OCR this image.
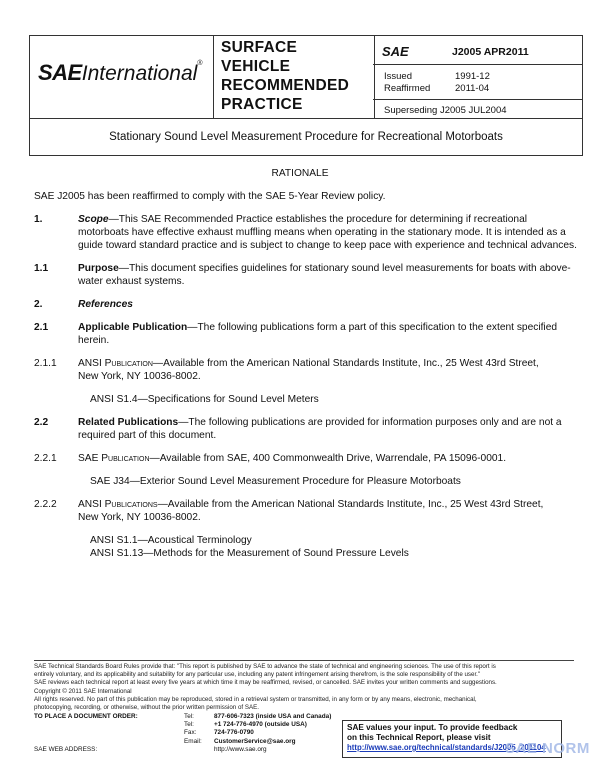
SAEInternational®
SURFACE
VEHICLE
RECOMMENDED
PRACTICE
SAE	J2005 APR2011
Issued	1991-12
Reaffirmed	2011-04
Superseding J2005 JUL2004
Stationary Sound Level Measurement Procedure for Recreational Motorboats
RATIONALE
SAE J2005 has been reaffirmed to comply with the SAE 5-Year Review policy.
1.	Scope—This SAE Recommended Practice establishes the procedure for determining if recreational
motorboats have effective exhaust muffling means when operating in the stationary mode. It is intended as a
guide toward standard practice and is subject to change to keep pace with experience and technical advances.
1.1	Purpose—This document specifies guidelines for stationary sound level measurements for boats with above-
water exhaust systems.
2.	References
2.1	Applicable Publication—The following publications form a part of this specification to the extent specified
herein.
2.1.1 ANSI Publication—Available from the American National Standards Institute, Inc., 25 West 43rd Street,
New York, NY 10036-8002.
ANSI S1.4—Specifications for Sound Level Meters
2.2	Related Publications—The following publications are provided for information purposes only and are not a
required part of this document.
2.2.1 SAE Publication—Available from SAE, 400 Commonwealth Drive, Warrendale, PA 15096-0001.
SAE J34—Exterior Sound Level Measurement Procedure for Pleasure Motorboats
2.2.2 ANSI Publications—Available from the American National Standards Institute, Inc., 25 West 43rd Street,
New York, NY 10036-8002.
ANSI S1.1—Acoustical Terminology
ANSI S1.13—Methods for the Measurement of Sound Pressure Levels
SAE Technical Standards Board Rules provide that: "This report is published by SAE to advance the state of technical and engineering sciences. The use of this report is
entirely voluntary, and its applicability and suitability for any particular use, including any patent infringement arising therefrom, is the sole responsibility of the user."
SAE reviews each technical report at least every five years at which time it may be reaffirmed, revised, or cancelled. SAE invites your written comments and suggestions.
Copyright © 2011 SAE International
All rights reserved. No part of this publication may be reproduced, stored in a retrieval system or transmitted, in any form or by any means, electronic, mechanical,
photocopying, recording, or otherwise, without the prior written permission of SAE.
TO PLACE A DOCUMENT ORDER:	Tel:	877-606-7323 (inside USA and Canada)
	Tel:	+1 724-776-4970 (outside USA)
	Fax:	724-776-0790
	Email:	CustomerService@sae.org
SAE WEB ADDRESS:		http://www.sae.org
SAE values your input. To provide feedback
on this Technical Report, please visit
http://www.sae.org/technical/standards/J2005_201104
SAE NORM
